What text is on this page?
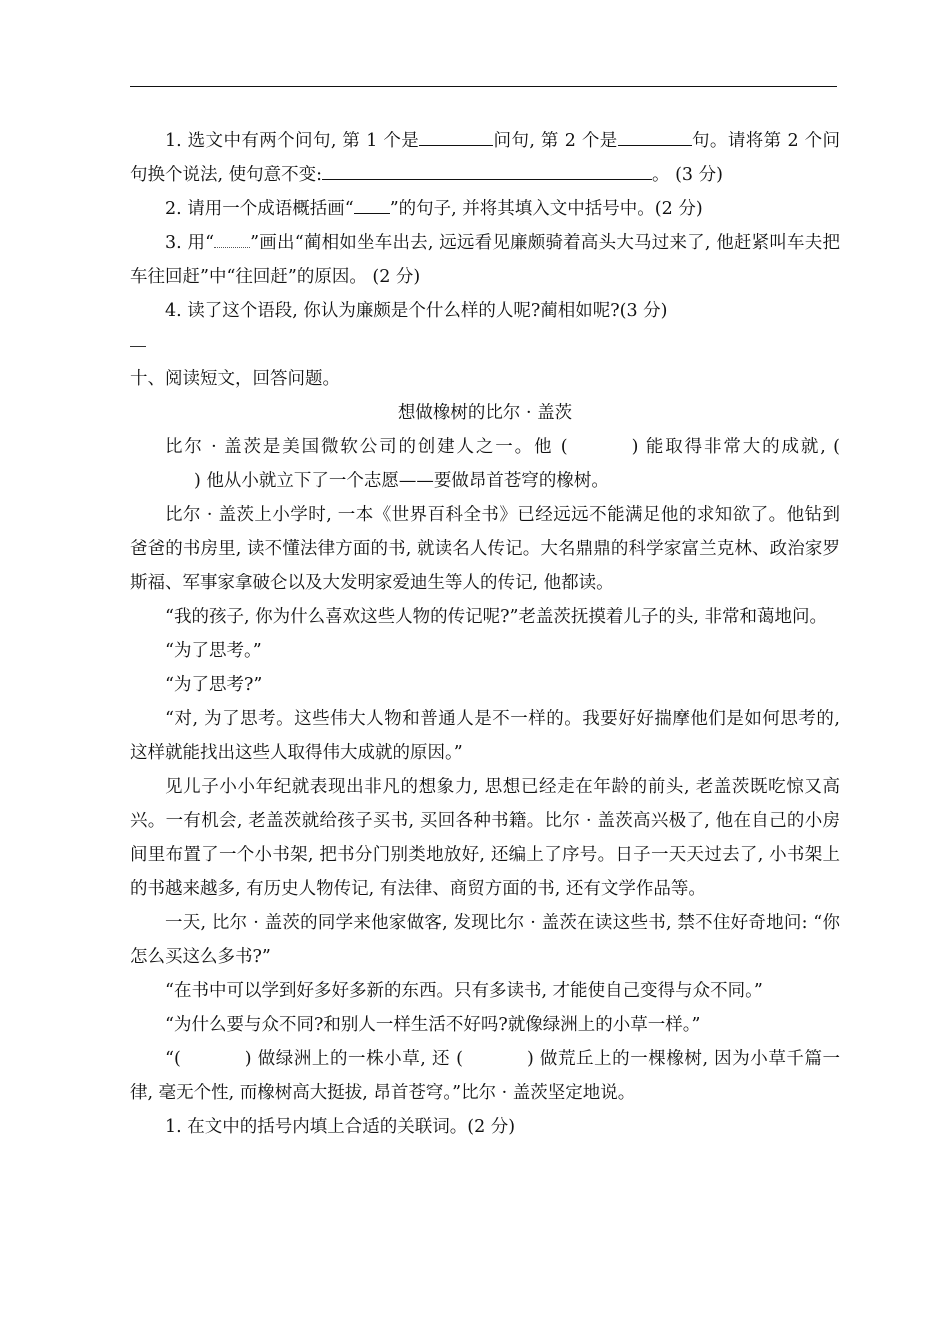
1. 选文中有两个问句, 第 1 个是	问句, 第 2 个是	句。请将第 2 个问句换个说法, 使句意不变:	。 (3 分)

2. 请用一个成语概括画“ ”的句子, 并将其填入文中括号中。(2 分)

3. 用“ ”画出“蔺相如坐车出去, 远远看见廉颇骑着高头大马过来了, 他赶紧叫车夫把车往回赶”中“往回赶”的原因。 (2 分)

4. 读了这个语段, 你认为廉颇是个什么样的人呢?蔺相如呢?(3 分)

十、阅读短文，回答问题。

想做橡树的比尔 · 盖茨

比尔 · 盖茨是美国微软公司的创建人之一。他 (	) 能取得非常大的成就, () 他从小就立下了一个志愿——要做昂首苍穹的橡树。

比尔 · 盖茨上小学时, 一本《世界百科全书》已经远远不能满足他的求知欲了。他钻到爸爸的书房里, 读不懂法律方面的书, 就读名人传记。大名鼎鼎的科学家富兰克林、政治家罗斯福、军事家拿破仑以及大发明家爱迪生等人的传记, 他都读。

“我的孩子, 你为什么喜欢这些人物的传记呢?”老盖茨抚摸着儿子的头, 非常和蔼地问。

“为了思考。”

“为了思考?”

“对, 为了思考。这些伟大人物和普通人是不一样的。我要好好揣摩他们是如何思考的, 这样就能找出这些人取得伟大成就的原因。”

见儿子小小年纪就表现出非凡的想象力, 思想已经走在年龄的前头, 老盖茨既吃惊又高兴。一有机会, 老盖茨就给孩子买书, 买回各种书籍。比尔 · 盖茨高兴极了, 他在自己的小房间里布置了一个小书架, 把书分门别类地放好, 还编上了序号。日子一天天过去了, 小书架上的书越来越多, 有历史人物传记, 有法律、商贸方面的书, 还有文学作品等。

一天, 比尔 · 盖茨的同学来他家做客, 发现比尔 · 盖茨在读这些书, 禁不住好奇地问: “你怎么买这么多书?”

“在书中可以学到好多好多新的东西。只有多读书, 才能使自己变得与众不同。”

“为什么要与众不同?和别人一样生活不好吗?就像绿洲上的小草一样。”

“(	) 做绿洲上的一株小草, 还 (	) 做荒丘上的一棵橡树, 因为小草千篇一律, 毫无个性, 而橡树高大挺拔, 昂首苍穹。”比尔 · 盖茨坚定地说。

1. 在文中的括号内填上合适的关联词。(2 分)
